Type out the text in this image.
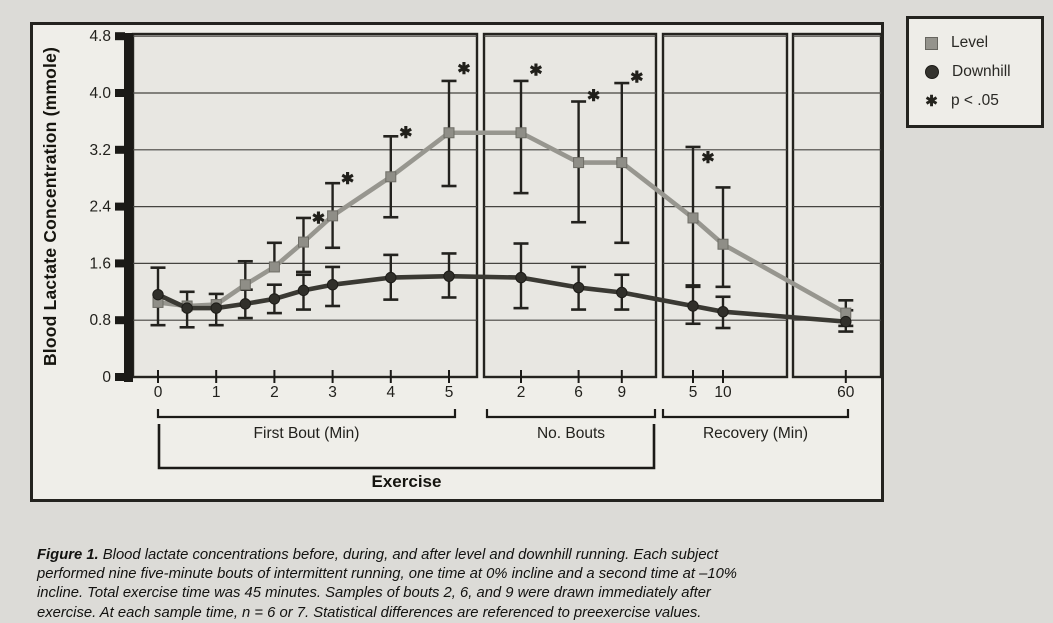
0
0.8
1.6
2.4
3.2
4.0
4.8
0	1	2	3	4	5	2	6 9	5 10	60
✱
✱
✱
✱	✱
✱
✱
✱
First Bout (Min)	No. Bouts	Recovery (Min)
Exercise
Blood Lactate Concentration (mmole)
Level
Downhill
✱ p < .05

Figure 1. Blood lactate concentrations before, during, and after level and downhill running. Each subject performed nine five-minute bouts of intermittent running, one time at 0% incline and a second time at –10% incline. Total exercise time was 45 minutes. Samples of bouts 2, 6, and 9 were drawn immediately after exercise. At each sample time, n = 6 or 7. Statistical differences are referenced to preexercise values.
